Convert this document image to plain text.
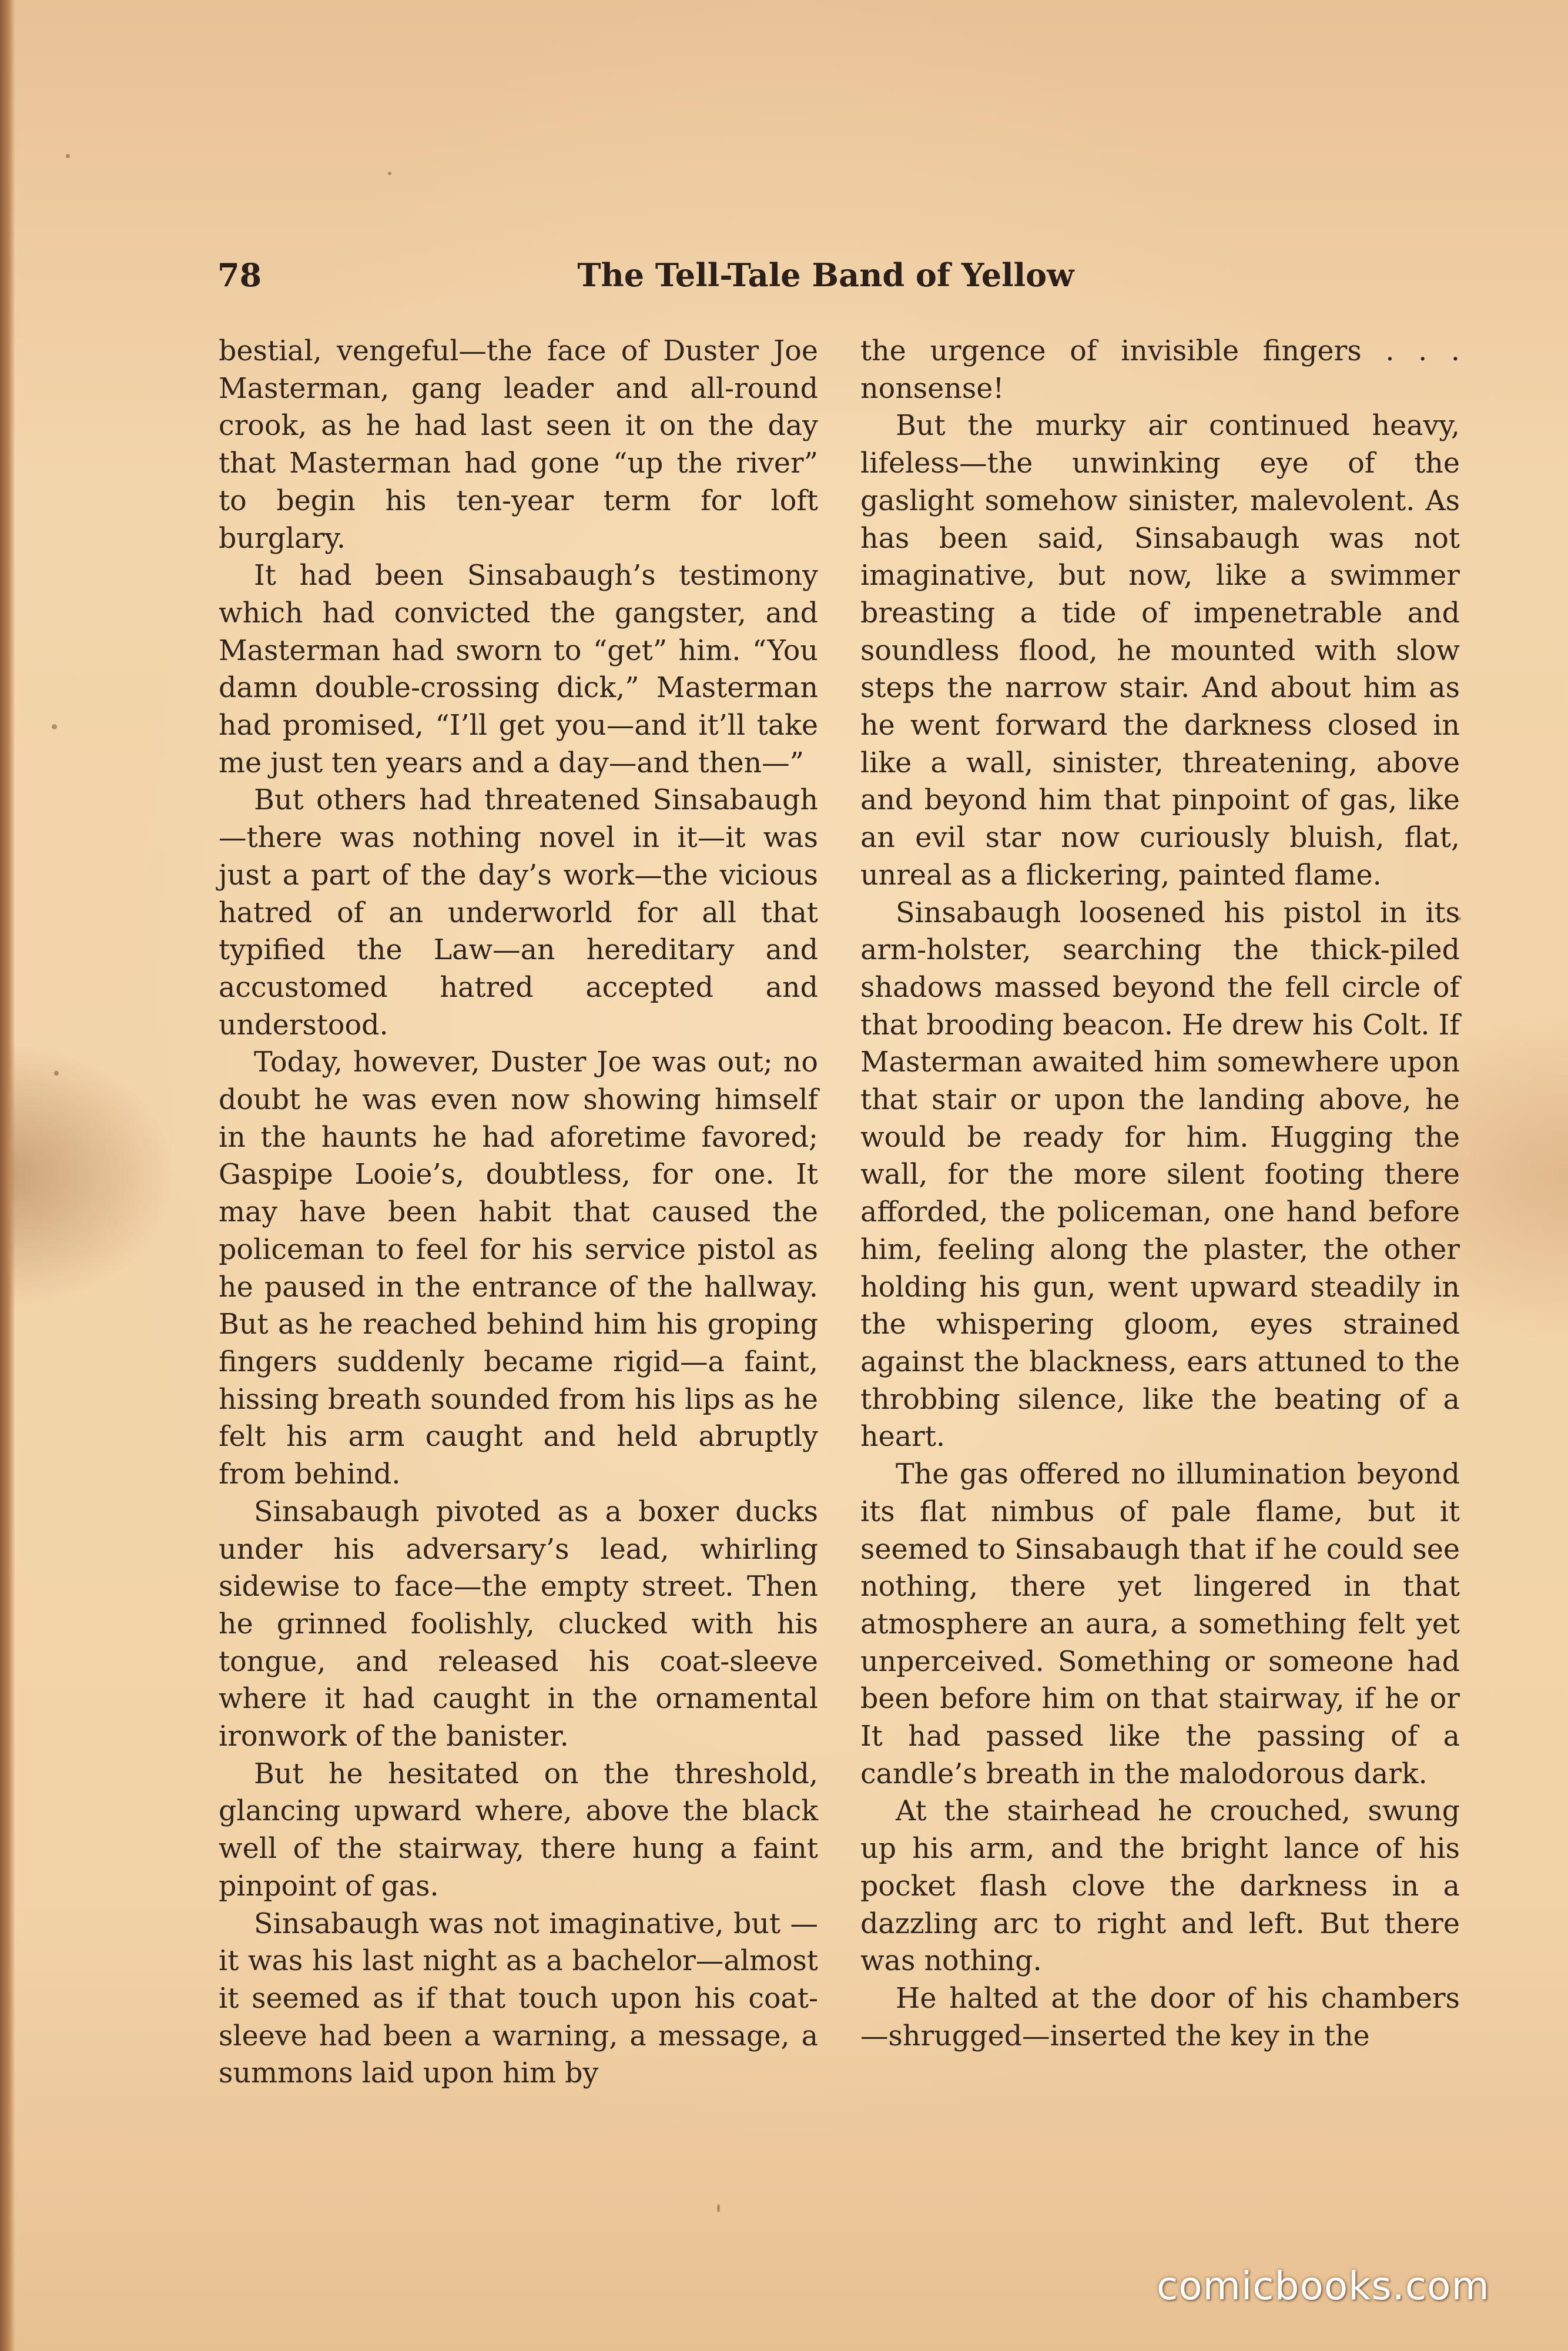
78	The Tell-Tale Band of Yellow

bestial, vengeful—the face of Duster Joe Masterman, gang leader and all-round crook, as he had last seen it on the day that Masterman had gone “up the river” to begin his ten-year term for loft burglary.

It had been Sinsabaugh’s testimony which had convicted the gangster, and Masterman had sworn to “get” him. “You damn double-crossing dick,” Masterman had promised, “I’ll get you—and it’ll take me just ten years and a day—and then—”

But others had threatened Sinsabaugh—there was nothing novel in it—it was just a part of the day’s work—the vicious hatred of an underworld for all that typified the Law—an hereditary and accustomed hatred accepted and understood.

Today, however, Duster Joe was out; no doubt he was even now showing himself in the haunts he had aforetime favored; Gaspipe Looie’s, doubtless, for one. It may have been habit that caused the policeman to feel for his service pistol as he paused in the entrance of the hallway. But as he reached behind him his groping fingers suddenly became rigid—a faint, hissing breath sounded from his lips as he felt his arm caught and held abruptly from behind.

Sinsabaugh pivoted as a boxer ducks under his adversary’s lead, whirling sidewise to face—the empty street. Then he grinned foolishly, clucked with his tongue, and released his coat-sleeve where it had caught in the ornamental ironwork of the banister.

But he hesitated on the threshold, glancing upward where, above the black well of the stairway, there hung a faint pinpoint of gas.

Sinsabaugh was not imaginative, but —it was his last night as a bachelor—almost it seemed as if that touch upon his coat-sleeve had been a warning, a message, a summons laid upon him by

the urgence of invisible fingers . . . nonsense!

But the murky air continued heavy, lifeless—the unwinking eye of the gaslight somehow sinister, malevolent. As has been said, Sinsabaugh was not imaginative, but now, like a swimmer breasting a tide of impenetrable and soundless flood, he mounted with slow steps the narrow stair. And about him as he went forward the darkness closed in like a wall, sinister, threatening, above and beyond him that pinpoint of gas, like an evil star now curiously bluish, flat, unreal as a flickering, painted flame.

Sinsabaugh loosened his pistol in its arm-holster, searching the thick-piled shadows massed beyond the fell circle of that brooding beacon. He drew his Colt. If Masterman awaited him somewhere upon that stair or upon the landing above, he would be ready for him. Hugging the wall, for the more silent footing there afforded, the policeman, one hand before him, feeling along the plaster, the other holding his gun, went upward steadily in the whispering gloom, eyes strained against the blackness, ears attuned to the throbbing silence, like the beating of a heart.

The gas offered no illumination beyond its flat nimbus of pale flame, but it seemed to Sinsabaugh that if he could see nothing, there yet lingered in that atmosphere an aura, a something felt yet unperceived. Something or someone had been before him on that stairway, if he or It had passed like the passing of a candle’s breath in the malodorous dark.

At the stairhead he crouched, swung up his arm, and the bright lance of his pocket flash clove the darkness in a dazzling arc to right and left. But there was nothing.

He halted at the door of his chambers—shrugged—inserted the key in the

comicbooks.com
